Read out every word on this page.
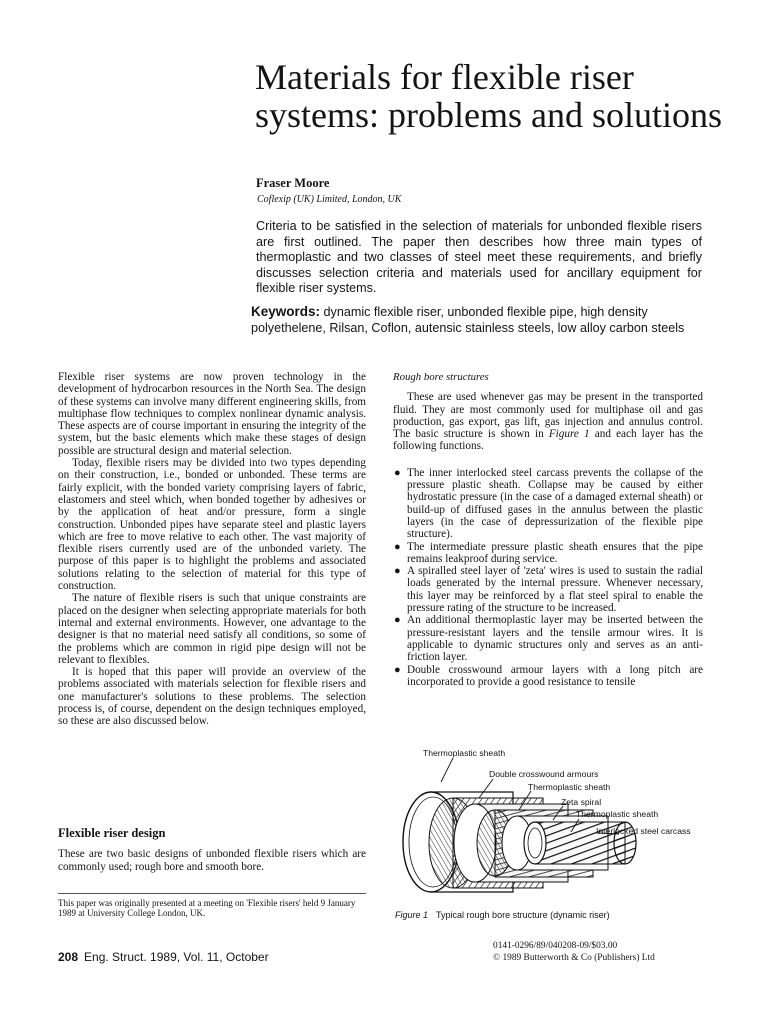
Materials for flexible riser systems: problems and solutions
Fraser Moore
Coflexip (UK) Limited, London, UK

Criteria to be satisfied in the selection of materials for unbonded flexible risers are first outlined. The paper then describes how three main types of thermoplastic and two classes of steel meet these requirements, and briefly discusses selection criteria and materials used for ancillary equipment for flexible riser systems.

Keywords: dynamic flexible riser, unbonded flexible pipe, high density polyethelene, Rilsan, Coflon, autensic stainless steels, low alloy carbon steels

Flexible riser systems are now proven technology in the development of hydrocarbon resources in the North Sea. The design of these systems can involve many different engineering skills, from multiphase flow techniques to complex nonlinear dynamic analysis. These aspects are of course important in ensuring the integrity of the system, but the basic elements which make these stages of design possible are structural design and material selection.

Today, flexible risers may be divided into two types depending on their construction, i.e., bonded or unbonded. These terms are fairly explicit, with the bonded variety comprising layers of fabric, elastomers and steel which, when bonded together by adhesives or by the application of heat and/or pressure, form a single construction. Unbonded pipes have separate steel and plastic layers which are free to move relative to each other. The vast majority of flexible risers currently used are of the unbonded variety. The purpose of this paper is to highlight the problems and associated solutions relating to the selection of material for this type of construction.

The nature of flexible risers is such that unique constraints are placed on the designer when selecting appropriate materials for both internal and external environments. However, one advantage to the designer is that no material need satisfy all conditions, so some of the problems which are common in rigid pipe design will not be relevant to flexibles.

It is hoped that this paper will provide an overview of the problems associated with materials selection for flexible risers and one manufacturer's solutions to these problems. The selection process is, of course, dependent on the design techniques employed, so these are also discussed below.

Flexible riser design

These are two basic designs of unbonded flexible risers which are commonly used; rough bore and smooth bore.

This paper was originally presented at a meeting on 'Flexible risers' held 9 January 1989 at University College London, UK.

Rough bore structures

These are used whenever gas may be present in the transported fluid. They are most commonly used for multiphase oil and gas production, gas export, gas lift, gas injection and annulus control. The basic structure is shown in Figure 1 and each layer has the following functions.

● The inner interlocked steel carcass prevents the collapse of the pressure plastic sheath. Collapse may be caused by either hydrostatic pressure (in the case of a damaged external sheath) or build-up of diffused gases in the annulus between the plastic layers (in the case of depressurization of the flexible pipe structure).
● The intermediate pressure plastic sheath ensures that the pipe remains leakproof during service.
● A spiralled steel layer of 'zeta' wires is used to sustain the radial loads generated by the internal pressure. Whenever necessary, this layer may be reinforced by a flat steel spiral to enable the pressure rating of the structure to be increased.
● An additional thermoplastic layer may be inserted between the pressure-resistant layers and the tensile armour wires. It is applicable to dynamic structures only and serves as an anti-friction layer.
● Double crosswound armour layers with a long pitch are incorporated to provide a good resistance to tensile
Thermoplastic sheath
Double crosswound armours
Thermoplastic sheath
Zeta spiral
Thermoplastic sheath
Interlocked steel carcass
Figure 1 Typical rough bore structure (dynamic riser)
208 Eng. Struct. 1989, Vol. 11, October
0141-0296/89/040208-09/$03.00
© 1989 Butterworth & Co (Publishers) Ltd
